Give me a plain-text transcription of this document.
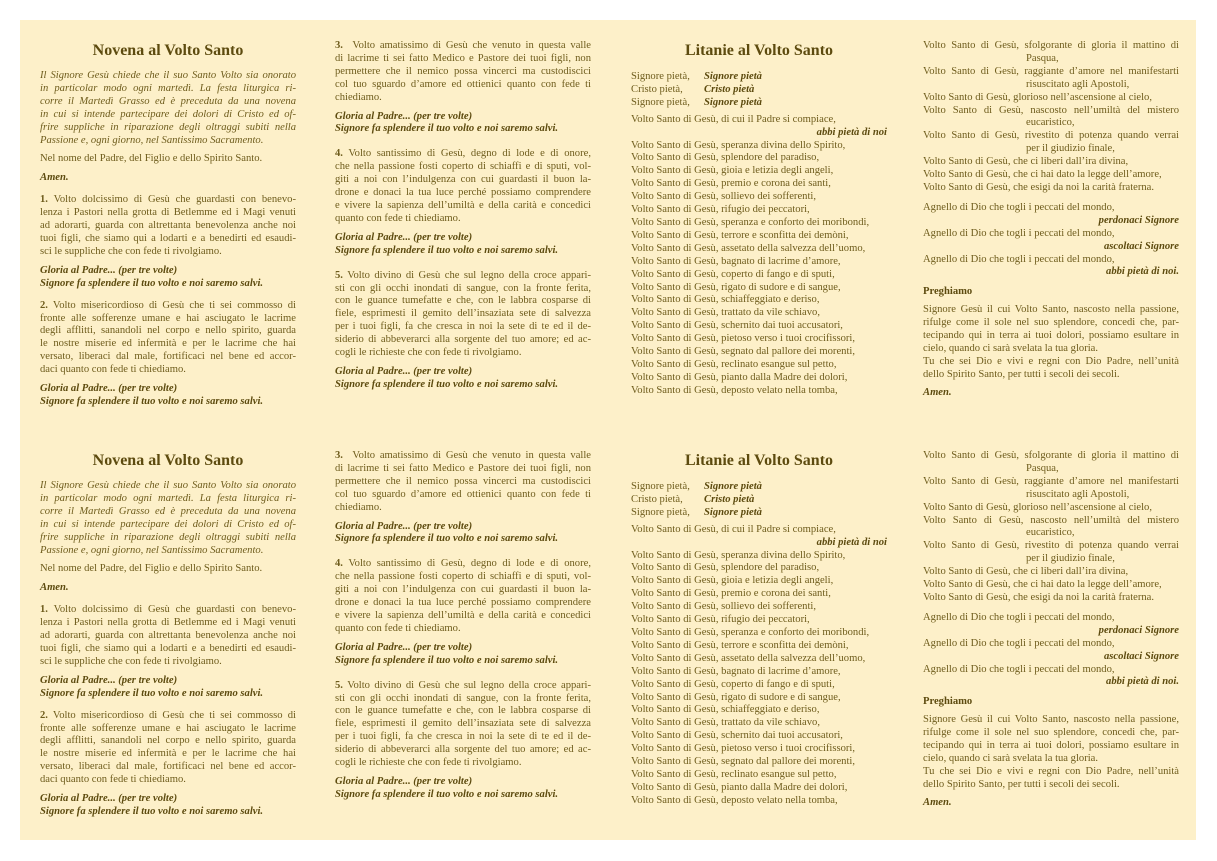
Novena al Volto Santo
Il Signore Gesù chiede che il suo Santo Volto sia onorato
in particolar modo ogni martedì. La festa liturgica ri-
corre il Martedì Grasso ed è preceduta da una novena
in cui si intende partecipare dei dolori di Cristo ed of-
frire suppliche in riparazione degli oltraggi subiti nella
Passione e, ogni giorno, nel Santissimo Sacramento.
Nel nome del Padre, del Figlio e dello Spirito Santo.
Amen.
1. Volto dolcissimo di Gesù che guardasti con benevo-
lenza i Pastori nella grotta di Betlemme ed i Magi venuti
ad adorarti, guarda con altrettanta benevolenza anche noi
tuoi figli, che siamo qui a lodarti e a benedirti ed esaudi-
sci le suppliche che con fede ti rivolgiamo.
Gloria al Padre... (per tre volte)
Signore fa splendere il tuo volto e noi saremo salvi.
2. Volto misericordioso di Gesù che ti sei commosso di
fronte alle sofferenze umane e hai asciugato le lacrime
degli afflitti, sanandoli nel corpo e nello spirito, guarda
le nostre miserie ed infermità e per le lacrime che hai
versato, liberaci dal male, fortificaci nel bene ed accor-
daci quanto con fede ti chiediamo.
Gloria al Padre... (per tre volte)
Signore fa splendere il tuo volto e noi saremo salvi.
3.  Volto amatissimo di Gesù che venuto in questa valle
di lacrime ti sei fatto Medico e Pastore dei tuoi figli, non
permettere che il nemico possa vincerci ma custodiscici
col tuo sguardo d’amore ed ottienici quanto con fede ti
chiediamo.
Gloria al Padre... (per tre volte)
Signore fa splendere il tuo volto e noi saremo salvi.
4. Volto santissimo di Gesù, degno di lode e di onore,
che nella passione fosti coperto di schiaffi e di sputi, vol-
giti a noi con l’indulgenza con cui guardasti il buon la-
drone e donaci la tua luce perché possiamo comprendere
e vivere la sapienza dell’umiltà e della carità e concedici
quanto con fede ti chiediamo.
Gloria al Padre... (per tre volte)
Signore fa splendere il tuo volto e noi saremo salvi.
5. Volto divino di Gesù che sul legno della croce appari-
sti con gli occhi inondati di sangue, con la fronte ferita,
con le guance tumefatte e che, con le labbra cosparse di
fiele, esprimesti il gemito dell’insaziata sete di salvezza
per i tuoi figli, fa che cresca in noi la sete di te ed il de-
siderio di abbeverarci alla sorgente del tuo amore; ed ac-
cogli le richieste che con fede ti rivolgiamo.
Gloria al Padre... (per tre volte)
Signore fa splendere il tuo volto e noi saremo salvi.
Litanie al Volto Santo
Signore pietà,	Signore pietà
Cristo pietà,	Cristo pietà
Signore pietà,	Signore pietà
Volto Santo di Gesù, di cui il Padre si compiace,
abbi pietà di noi
Volto Santo di Gesù, speranza divina dello Spirito,
Volto Santo di Gesù, splendore del paradiso,
Volto Santo di Gesù, gioia e letizia degli angeli,
Volto Santo di Gesù, premio e corona dei santi,
Volto Santo di Gesù, sollievo dei sofferenti,
Volto Santo di Gesù, rifugio dei peccatori,
Volto Santo di Gesù, speranza e conforto dei moribondi,
Volto Santo di Gesù, terrore e sconfitta dei demòni,
Volto Santo di Gesù, assetato della salvezza dell’uomo,
Volto Santo di Gesù, bagnato di lacrime d’amore,
Volto Santo di Gesù, coperto di fango e di sputi,
Volto Santo di Gesù, rigato di sudore e di sangue,
Volto Santo di Gesù, schiaffeggiato e deriso,
Volto Santo di Gesù, trattato da vile schiavo,
Volto Santo di Gesù, schernito dai tuoi accusatori,
Volto Santo di Gesù, pietoso verso i tuoi crocifissori,
Volto Santo di Gesù, segnato dal pallore dei morenti,
Volto Santo di Gesù, reclinato esangue sul petto,
Volto Santo di Gesù, pianto dalla Madre dei dolori,
Volto Santo di Gesù, deposto velato nella tomba,
Volto Santo di Gesù, sfolgorante di gloria il mattino di
Pasqua,
Volto Santo di Gesù, raggiante d’amore nel manifestarti
risuscitato agli Apostoli,
Volto Santo di Gesù, glorioso nell’ascensione al cielo,
Volto Santo di Gesù, nascosto nell’umiltà del mistero
eucaristico,
Volto Santo di Gesù, rivestito di potenza quando verrai
per il giudizio finale,
Volto Santo di Gesù, che ci liberi dall’ira divina,
Volto Santo di Gesù, che ci hai dato la legge dell’amore,
Volto Santo di Gesù, che esigi da noi la carità fraterna.
Agnello di Dio che togli i peccati del mondo,
perdonaci Signore
Agnello di Dio che togli i peccati del mondo,
ascoltaci Signore
Agnello di Dio che togli i peccati del mondo,
abbi pietà di noi.
Preghiamo
Signore Gesù il cui Volto Santo, nascosto nella passione,
rifulge come il sole nel suo splendore, concedi che, par-
tecipando qui in terra ai tuoi dolori, possiamo esultare in
cielo, quando ci sarà svelata la tua gloria.
Tu che sei Dio e vivi e regni con Dio Padre, nell’unità
dello Spirito Santo, per tutti i secoli dei secoli.
Amen.
Novena al Volto Santo
Il Signore Gesù chiede che il suo Santo Volto sia onorato
in particolar modo ogni martedì. La festa liturgica ri-
corre il Martedì Grasso ed è preceduta da una novena
in cui si intende partecipare dei dolori di Cristo ed of-
frire suppliche in riparazione degli oltraggi subiti nella
Passione e, ogni giorno, nel Santissimo Sacramento.
Nel nome del Padre, del Figlio e dello Spirito Santo.
Amen.
1. Volto dolcissimo di Gesù che guardasti con benevo-
lenza i Pastori nella grotta di Betlemme ed i Magi venuti
ad adorarti, guarda con altrettanta benevolenza anche noi
tuoi figli, che siamo qui a lodarti e a benedirti ed esaudi-
sci le suppliche che con fede ti rivolgiamo.
Gloria al Padre... (per tre volte)
Signore fa splendere il tuo volto e noi saremo salvi.
2. Volto misericordioso di Gesù che ti sei commosso di
fronte alle sofferenze umane e hai asciugato le lacrime
degli afflitti, sanandoli nel corpo e nello spirito, guarda
le nostre miserie ed infermità e per le lacrime che hai
versato, liberaci dal male, fortificaci nel bene ed accor-
daci quanto con fede ti chiediamo.
Gloria al Padre... (per tre volte)
Signore fa splendere il tuo volto e noi saremo salvi.
3.  Volto amatissimo di Gesù che venuto in questa valle
di lacrime ti sei fatto Medico e Pastore dei tuoi figli, non
permettere che il nemico possa vincerci ma custodiscici
col tuo sguardo d’amore ed ottienici quanto con fede ti
chiediamo.
Gloria al Padre... (per tre volte)
Signore fa splendere il tuo volto e noi saremo salvi.
4. Volto santissimo di Gesù, degno di lode e di onore,
che nella passione fosti coperto di schiaffi e di sputi, vol-
giti a noi con l’indulgenza con cui guardasti il buon la-
drone e donaci la tua luce perché possiamo comprendere
e vivere la sapienza dell’umiltà e della carità e concedici
quanto con fede ti chiediamo.
Gloria al Padre... (per tre volte)
Signore fa splendere il tuo volto e noi saremo salvi.
5. Volto divino di Gesù che sul legno della croce appari-
sti con gli occhi inondati di sangue, con la fronte ferita,
con le guance tumefatte e che, con le labbra cosparse di
fiele, esprimesti il gemito dell’insaziata sete di salvezza
per i tuoi figli, fa che cresca in noi la sete di te ed il de-
siderio di abbeverarci alla sorgente del tuo amore; ed ac-
cogli le richieste che con fede ti rivolgiamo.
Gloria al Padre... (per tre volte)
Signore fa splendere il tuo volto e noi saremo salvi.
Litanie al Volto Santo
Signore pietà,	Signore pietà
Cristo pietà,	Cristo pietà
Signore pietà,	Signore pietà
Volto Santo di Gesù, di cui il Padre si compiace,
abbi pietà di noi
Volto Santo di Gesù, speranza divina dello Spirito,
Volto Santo di Gesù, splendore del paradiso,
Volto Santo di Gesù, gioia e letizia degli angeli,
Volto Santo di Gesù, premio e corona dei santi,
Volto Santo di Gesù, sollievo dei sofferenti,
Volto Santo di Gesù, rifugio dei peccatori,
Volto Santo di Gesù, speranza e conforto dei moribondi,
Volto Santo di Gesù, terrore e sconfitta dei demòni,
Volto Santo di Gesù, assetato della salvezza dell’uomo,
Volto Santo di Gesù, bagnato di lacrime d’amore,
Volto Santo di Gesù, coperto di fango e di sputi,
Volto Santo di Gesù, rigato di sudore e di sangue,
Volto Santo di Gesù, schiaffeggiato e deriso,
Volto Santo di Gesù, trattato da vile schiavo,
Volto Santo di Gesù, schernito dai tuoi accusatori,
Volto Santo di Gesù, pietoso verso i tuoi crocifissori,
Volto Santo di Gesù, segnato dal pallore dei morenti,
Volto Santo di Gesù, reclinato esangue sul petto,
Volto Santo di Gesù, pianto dalla Madre dei dolori,
Volto Santo di Gesù, deposto velato nella tomba,
Volto Santo di Gesù, sfolgorante di gloria il mattino di
Pasqua,
Volto Santo di Gesù, raggiante d’amore nel manifestarti
risuscitato agli Apostoli,
Volto Santo di Gesù, glorioso nell’ascensione al cielo,
Volto Santo di Gesù, nascosto nell’umiltà del mistero
eucaristico,
Volto Santo di Gesù, rivestito di potenza quando verrai
per il giudizio finale,
Volto Santo di Gesù, che ci liberi dall’ira divina,
Volto Santo di Gesù, che ci hai dato la legge dell’amore,
Volto Santo di Gesù, che esigi da noi la carità fraterna.
Agnello di Dio che togli i peccati del mondo,
perdonaci Signore
Agnello di Dio che togli i peccati del mondo,
ascoltaci Signore
Agnello di Dio che togli i peccati del mondo,
abbi pietà di noi.
Preghiamo
Signore Gesù il cui Volto Santo, nascosto nella passione,
rifulge come il sole nel suo splendore, concedi che, par-
tecipando qui in terra ai tuoi dolori, possiamo esultare in
cielo, quando ci sarà svelata la tua gloria.
Tu che sei Dio e vivi e regni con Dio Padre, nell’unità
dello Spirito Santo, per tutti i secoli dei secoli.
Amen.
